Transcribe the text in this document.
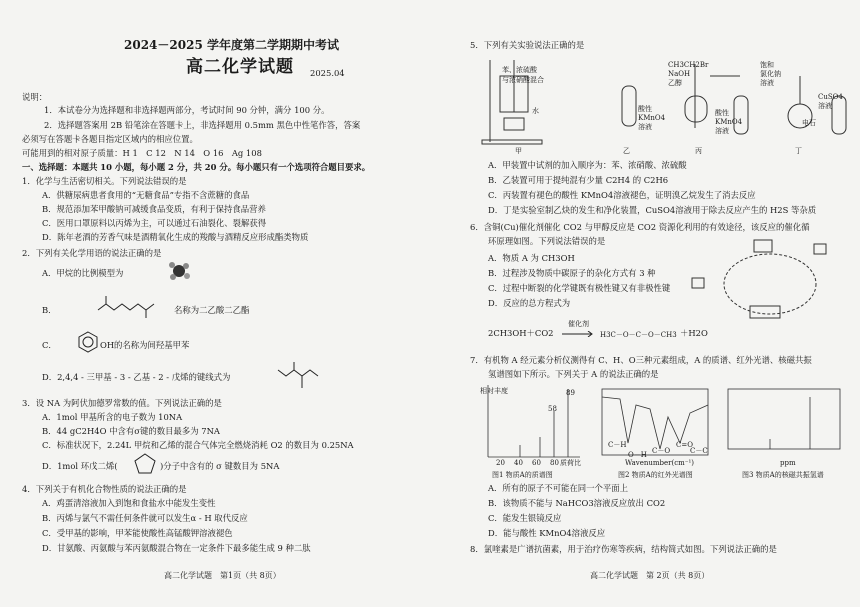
2024－2025 学年度第二学期期中考试
高二化学试题 2025.04
说明：
1．本试卷分为选择题和非选择题两部分，考试时间 90 分钟，满分 100 分。
2．选择题答案用 2B 铅笔涂在答题卡上，非选择题用 0.5mm 黑色中性笔作答，答案
必须写在答题卡各题目指定区域内的相应位置。
可能用到的相对原子质量：H 1　C 12　N 14　O 16　Ag 108
一、选择题：本题共 10 小题，每小题 2 分，共 20 分。每小题只有一个选项符合题目要求。
1．化学与生活密切相关。下列说法错误的是
A．供糖尿病患者食用的“无糖食品”专指不含蔗糖的食品
B．规范添加苯甲酸钠可减缓食品变质，有利于保持食品营养
C．医用口罩原料以丙烯为主，可以通过石油裂化、裂解获得
D．陈年老酒的芳香气味是酒精氧化生成的羧酸与酒精反应形成酯类物质
2．下列有关化学用语的说法正确的是
A．甲烷的比例模型为
B．	名称为二乙酸二乙酯
C．	OH 的名称为间羟基甲苯
D．2,4,4 - 三甲基 - 3 - 乙基 - 2 - 戊烯的键线式为
3．设 NA 为阿伏加德罗常数的值。下列说法正确的是
A．1mol 甲基所含的电子数为 10NA
B．44 gC2H4O 中含有σ键的数目最多为 7NA
C．标准状况下，2.24L 甲烷和乙烯的混合气体完全燃烧消耗 O2 的数目为 0.25NA
D．1mol 环戊二烯(	)分子中含有的 σ 键数目为 5NA
4．下列关于有机化合物性质的说法正确的是
A．鸡蛋清溶液加入到饱和食盐水中能发生变性
B．丙烯与氯气不需任何条件就可以发生α - H 取代反应
C．受甲基的影响，甲苯能使酸性高锰酸钾溶液褪色
D．甘氨酸、丙氨酸与苯丙氨酸混合物在一定条件下最多能生成 9 种二肽
高二化学试题　第1页（共 8页）
5．下列有关实验说法正确的是
苯、浓硫酸
与浓硝酸混合
水	酸性
KMnO4
溶液
CH3CH2Br
NaOH
乙醇
酸性
KMnO4
溶液
饱和
氯化钠
溶液
电石
CuSO4
溶液
甲	乙	丙	丁
A．甲装置中试剂的加入顺序为：苯、浓硝酸、浓硫酸
B．乙装置可用于提纯混有少量 C2H4 的 C2H6
C．丙装置有褪色的酸性 KMnO4溶液褪色，证明溴乙烷发生了消去反应
D．丁是实验室制乙炔的发生和净化装置，CuSO4溶液用于除去反应产生的 H2S 等杂质
6．含铜(Cu)催化剂催化 CO2 与甲醇反应是 CO2 资源化利用的有效途径，该反应的催化循
环原理如图。下列说法错误的是
A．物质 A 为 CH3OH
B．过程涉及物质中碳原子的杂化方式有 3 种
C．过程中断裂的化学键既有极性键又有非极性键
D．反应的总方程式为
2CH3OH＋CO2
催化剂
→ H3C－O－C－O－CH3 ＋H2O
7．有机物 A 经元素分析仪测得有 C、H、O三种元素组成，A 的质谱、红外光谱、核磁共振
氢谱图如下所示。下列关于 A 的说法正确的是
相对丰度	89
58
20 40 60 80 质荷比
图1 物质A的质谱图
C－H
C－O
O－H
C=O
C－C
Wavenumber(cm⁻¹)
图2 物质A的红外光谱图
ppm
图3 物质A的核磁共振氢谱
A．所有的原子不可能在同一个平面上
B．该物质不能与 NaHCO3溶液反应放出 CO2
C．能发生银镜反应
D．能与酸性 KMnO4溶液反应
8．氯喹素是广谱抗菌素，用于治疗伤寒等疾病，结构简式如图。下列说法正确的是
高二化学试题　第 2页（共 8页）
